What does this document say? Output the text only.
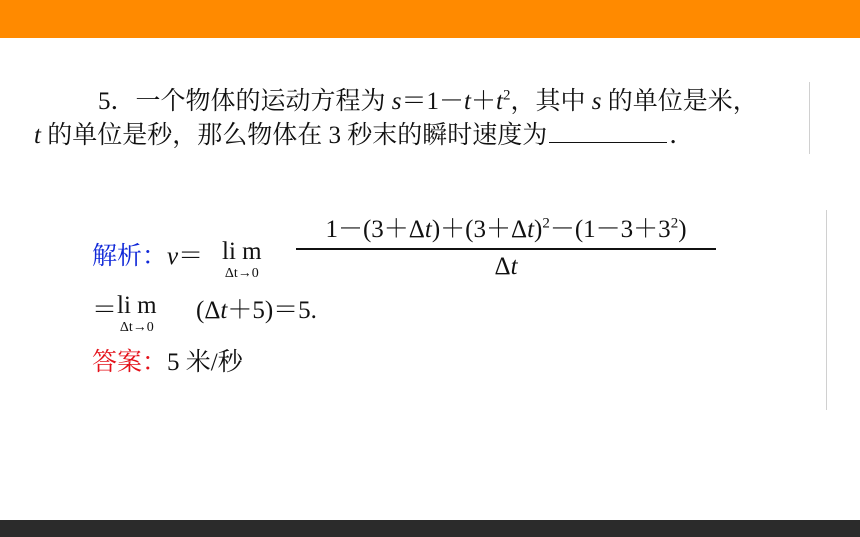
5．一个物体的运动方程为 $s=1-t+t^2$，其中 s 的单位是米，
t 的单位是秒，那么物体在 3 秒末的瞬时速度为	．
解析：v＝ li m
Δt→0
$1-(3+\Delta t)+(3+\Delta t)^2-(1-3+3^2)$
Δt
＝ li m
Δt→0
(Δt＋5)＝5.
答案：5 米/秒
